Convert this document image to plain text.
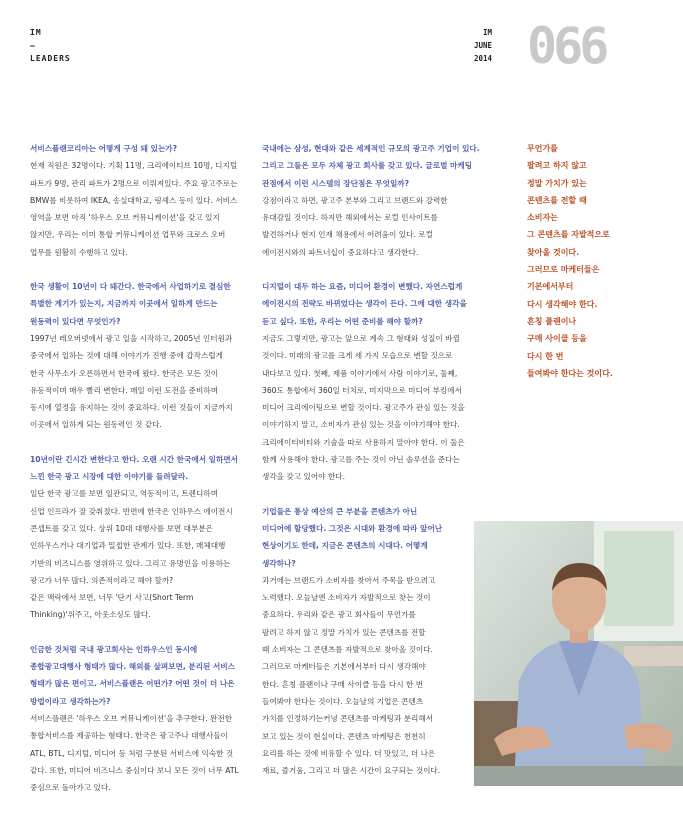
IM
–
LEADERS
IM
JUNE
2014 066
서비스플랜코리아는 어떻게 구성 돼 있는가?
현재 직원은 32명이다. 기획 11명, 크리에이티브 10명, 디지털
파트가 9명, 관리 파트가 2명으로 이뤄져있다. 주요 광고주로는
BMW를 비롯하여 IKEA, 송실대학교, 링셰스 등이 있다. 서비스
영역을 보면 아직 '하우스 오브 커뮤니케이션'을 갖고 있지
않지만, 우리는 이미 통합 커뮤니케이션 업무와 크로스 오버
업무를 원활히 수행하고 있다.
한국 생활이 10년이 다 돼간다. 한국에서 사업하기로 결심한
특별한 계기가 있는지, 지금까지 이곳에서 일하게 만드는
원동력이 있다면 무엇인가?
1997년 레오버넷에서 광고 일을 시작하고, 2005년 인터원과
중국에서 일하는 것에 대해 이야기가 진행 중에 갑작스럽게
한국 사무소가 오픈하면서 한국에 왔다. 한국은 모든 것이
유동적이며 매우 빨리 변한다. 매일 이런 도전을 준비하며
동시에 열정을 유지하는 것이 중요하다. 이런 것들이 지금까지
이곳에서 일하게 되는 원동력인 것 같다.
10년이란 긴시간 변한다고 한다. 오랜 시간 한국에서 일하면서
느낀 한국 광고 시장에 대한 이야기를 들려달라.
일단 한국 광고를 보면 일관되고, 역동적이고, 트렌디하며
신업 인프라가 잘 갖춰졌다. 반면에 한국은 인하우스 에이전시
콘셉트를 갖고 있다. 상위 10대 대행사를 보면 대부분은
인하우스거나 대기업과 밀접한 관계가 있다. 또한, 매체대행
기반의 비즈니스를 영위하고 있다. 그리고 유명인을 이용하는
광고가 너무 많다. 의존적이라고 해야 할까?
같은 맥락에서 보면, 너무 '단기 사고(Short Term
Thinking)'위주고, 아웃소싱도 많다.
인금한 것처럼 국내 광고회사는 인하우스인 동시에
종합광고대행사 형태가 많다. 해외를 살펴보면, 분리된 서비스
형태가 많은 편이고. 서비스플랜은 어떤가? 어떤 것이 더 나은
방법이라고 생각하는가?
서비스플랜은 '하우스 오브 커뮤니케이션'을 추구한다. 완전한
통합서비스를 제공하는 형태다. 한국은 광고주나 대행사들이
ATL, BTL, 디지털, 미디어 등 처럼 구분된 서비스에 익숙한 것
같다. 또한, 미디어 비즈니스 중심이다 보니 모든 것이 너무 ATL
중심으로 돌아가고 있다.
국내에는 삼성, 현대와 같은 세계적인 규모의 광고주 기업이 있다.
그리고 그들은 모두 자체 광고 회사를 갖고 있다. 글로벌 마케팅
관점에서 이런 시스템의 장단점은 무엇일까?
강점이라고 하면, 광고주 본부와 그리고 브랜드와 강력한
유대감일 것이다. 하지만 해외에서는 로컬 인사이트를
발견하거나 현지 인재 채용에서 어려움이 있다. 로컬
에이전시와의 파트너십이 중요하다고 생각한다.
디지털이 대두 하는 요즘, 미디어 환경이 변했다. 자연스럽게
에이전시의 전략도 바뀌었다는 생각이 든다. 그에 대한 생각을
듣고 싶다. 또한, 우리는 어떤 준비를 해야 할까?
지금도 그렇지만, 광고는 앞으로 계속 그 형태와 성질이 바뀔
것이다. 미래의 광고를 크게 세 가지 모습으로 변할 것으로
내다보고 있다. 첫째, 제품 이야기에서 사람 이야기로, 둘째,
360도 통합에서 360일 터치로, 미지막으로 미디어 부킹에서
미디어 크리에이팅으로 변할 것이다. 광고주가 관심 있는 것을
이야기하지 말고, 소비자가 관심 있는 것을 이야기해야 한다.
크리에이티비티와 기술을 따로 사용하지 말아야 한다. 이 둘은
함께 사용해야 한다. 광고를 주는 것이 아닌 솔루션을 준다는
생각을 갖고 있어야 한다.
기업들은 통상 예산의 큰 부분을 콘텐츠가 아닌
미디어에 할당했다. 그것은 시대와 환경에 따라 앞어난
현상이기도 한데, 지금은 콘텐츠의 시대다. 어떻게
생각하나?
과거에는 브랜드가 소비자를 찾아서 주목을 받으려고
노력했다. 오늘날엔 소비자가 자발적으로 찾는 것이
중요하다. 우리와 같은 광고 회사들이 무언가를
팔려고 하지 않고 정말 가치가 있는 콘텐츠를 전할
때 소비자는 그 콘텐츠를 자발적으로 찾아올 것이다.
그러므로 마케터들은 기본에서부터 다시 생각해야
한다. 흔칭 플랜이나 구매 사이클 등을 다시 한 번
들여봐야 한다는 것이다. 오늘날의 기업은 콘텐츠
가치를 인정하기는커녕 콘텐츠를 마케팅과 분리해서
보고 있는 것이 현실이다. 콘텐츠 마케팅은 천천히
요리를 하는 것에 비유할 수 있다. 더 맛있고, 더 나은
재료, 즐거움, 그리고 더 많은 시간이 요구되는 것이다.
무언가를
팔려고 하지 않고
정말 가치가 있는
콘텐츠를 전할 때
소비자는
그 콘텐츠를 자발적으로
찾아올 것이다.
그러므로 마케터들은
기본에서부터
다시 생각해야 한다.
흔칭 플랜이나
구매 사이클 등을
다시 한 번
들여봐야 한다는 것이다.
